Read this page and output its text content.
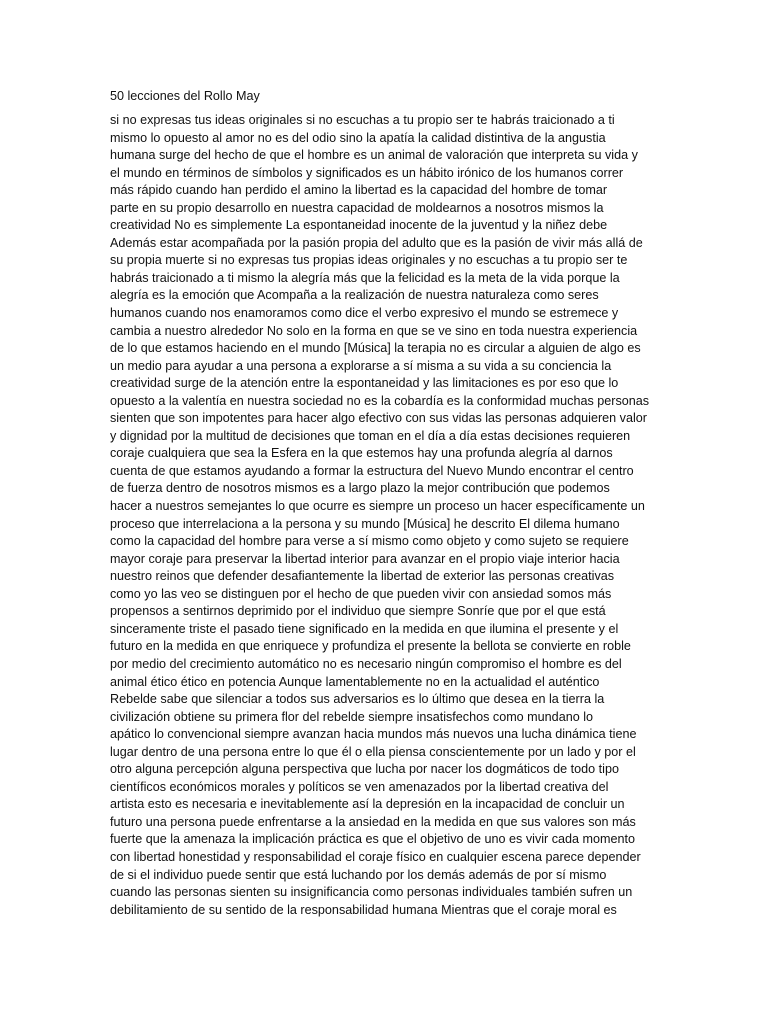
50 lecciones del Rollo May
si no expresas tus ideas originales si no escuchas a tu propio ser te habrás traicionado a ti
mismo lo opuesto al amor no es del odio sino la apatía la calidad distintiva de la angustia
humana surge del hecho de que el hombre es un animal de valoración que interpreta su vida y
el mundo en términos de símbolos y significados es un hábito irónico de los humanos correr
más rápido cuando han perdido el amino la libertad es la capacidad del hombre de tomar
parte en su propio desarrollo en nuestra capacidad de moldearnos a nosotros mismos la
creatividad No es simplemente La espontaneidad inocente de la juventud y la niñez debe
Además estar acompañada por la pasión propia del adulto que es la pasión de vivir más allá de
su propia muerte si no expresas tus propias ideas originales y no escuchas a tu propio ser te
habrás traicionado a ti mismo la alegría más que la felicidad es la meta de la vida porque la
alegría es la emoción que Acompaña a la realización de nuestra naturaleza como seres
humanos cuando nos enamoramos como dice el verbo expresivo el mundo se estremece y
cambia a nuestro alrededor No solo en la forma en que se ve sino en toda nuestra experiencia
de lo que estamos haciendo en el mundo [Música] la terapia no es circular a alguien de algo es
un medio para ayudar a una persona a explorarse a sí misma a su vida a su conciencia la
creatividad surge de la atención entre la espontaneidad y las limitaciones es por eso que lo
opuesto a la valentía en nuestra sociedad no es la cobardía es la conformidad muchas personas
sienten que son impotentes para hacer algo efectivo con sus vidas las personas adquieren valor
y dignidad por la multitud de decisiones que toman en el día a día estas decisiones requieren
coraje cualquiera que sea la Esfera en la que estemos hay una profunda alegría al darnos
cuenta de que estamos ayudando a formar la estructura del Nuevo Mundo encontrar el centro
de fuerza dentro de nosotros mismos es a largo plazo la mejor contribución que podemos
hacer a nuestros semejantes lo que ocurre es siempre un proceso un hacer específicamente un
proceso que interrelaciona a la persona y su mundo [Música] he descrito El dilema humano
como la capacidad del hombre para verse a sí mismo como objeto y como sujeto se requiere
mayor coraje para preservar la libertad interior para avanzar en el propio viaje interior hacia
nuestro reinos que defender desafiantemente la libertad de exterior las personas creativas
como yo las veo se distinguen por el hecho de que pueden vivir con ansiedad somos más
propensos a sentirnos deprimido por el individuo que siempre Sonríe que por el que está
sinceramente triste el pasado tiene significado en la medida en que ilumina el presente y el
futuro en la medida en que enriquece y profundiza el presente la bellota se convierte en roble
por medio del crecimiento automático no es necesario ningún compromiso el hombre es del
animal ético ético en potencia Aunque lamentablemente no en la actualidad el auténtico
Rebelde sabe que silenciar a todos sus adversarios es lo último que desea en la tierra la
civilización obtiene su primera flor del rebelde siempre insatisfechos como mundano lo
apático lo convencional siempre avanzan hacia mundos más nuevos una lucha dinámica tiene
lugar dentro de una persona entre lo que él o ella piensa conscientemente por un lado y por el
otro alguna percepción alguna perspectiva que lucha por nacer los dogmáticos de todo tipo
científicos económicos morales y políticos se ven amenazados por la libertad creativa del
artista esto es necesaria e inevitablemente así la depresión en la incapacidad de concluir un
futuro una persona puede enfrentarse a la ansiedad en la medida en que sus valores son más
fuerte que la amenaza la implicación práctica es que el objetivo de uno es vivir cada momento
con libertad honestidad y responsabilidad el coraje físico en cualquier escena parece depender
de si el individuo puede sentir que está luchando por los demás además de por sí mismo
cuando las personas sienten su insignificancia como personas individuales también sufren un
debilitamiento de su sentido de la responsabilidad humana Mientras que el coraje moral es
